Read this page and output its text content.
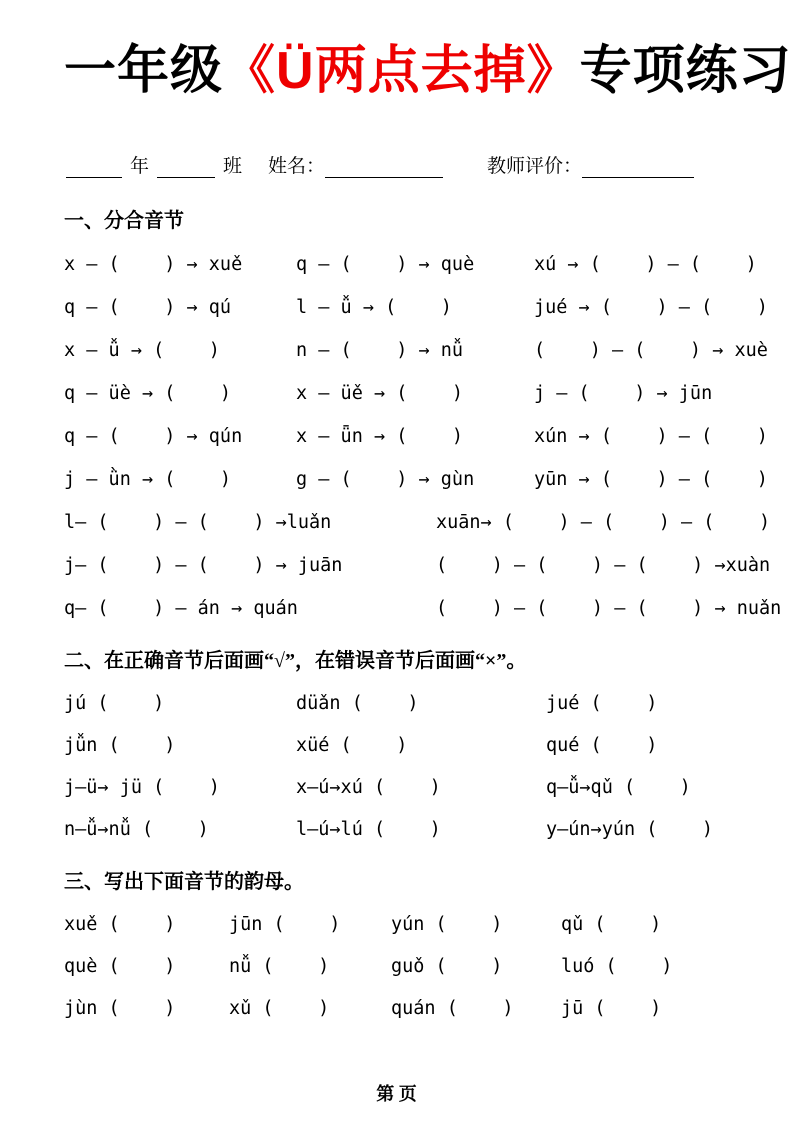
一年级《Ü两点去掉》专项练习
年	班 姓名：	教师评价：
一、分合音节
x — (    ) → xuě	q — (    ) → què	xú → (    ) — (    )
q — (    ) → qú	l — ǚ → (    )	jué → (    ) — (    )
x — ǚ → (    )	n — (    ) → nǚ	(    ) — (    ) → xuè
q — üè → (    )	x — üě → (    )	j — (    ) → jūn
q — (    ) → qún	x — ǖn → (    )	xún → (    ) — (    )
j — ǜn → (    )	g — (    ) → gùn	yūn → (    ) — (    )
l— (    ) — (    ) →luǎn	xuān→ (    ) — (    ) — (    )
j— (    ) — (    ) → juān	(    ) — (    ) — (    ) →xuàn
q— (    ) — án → quán	(    ) — (    ) — (    ) → nuǎn
二、在正确音节后面画“√”，在错误音节后面画“×”。
jú (    )	düǎn (    )	jué (    )
jǚn (    )	xüé (    )	qué (    )
j—ü→ jü (    )	x—ú→xú (    )	q—ǚ→qǔ (    )
n—ǚ→nǚ (    )	l—ú→lú (    )	y—ún→yún (    )
三、写出下面音节的韵母。
xuě (    )	jūn (    )	yún (    )	qǔ (    )
què (    )	nǚ (    )	guǒ (    )	luó (    )
jùn (    )	xǔ (    )	quán (    )	jū (    )
第 页
